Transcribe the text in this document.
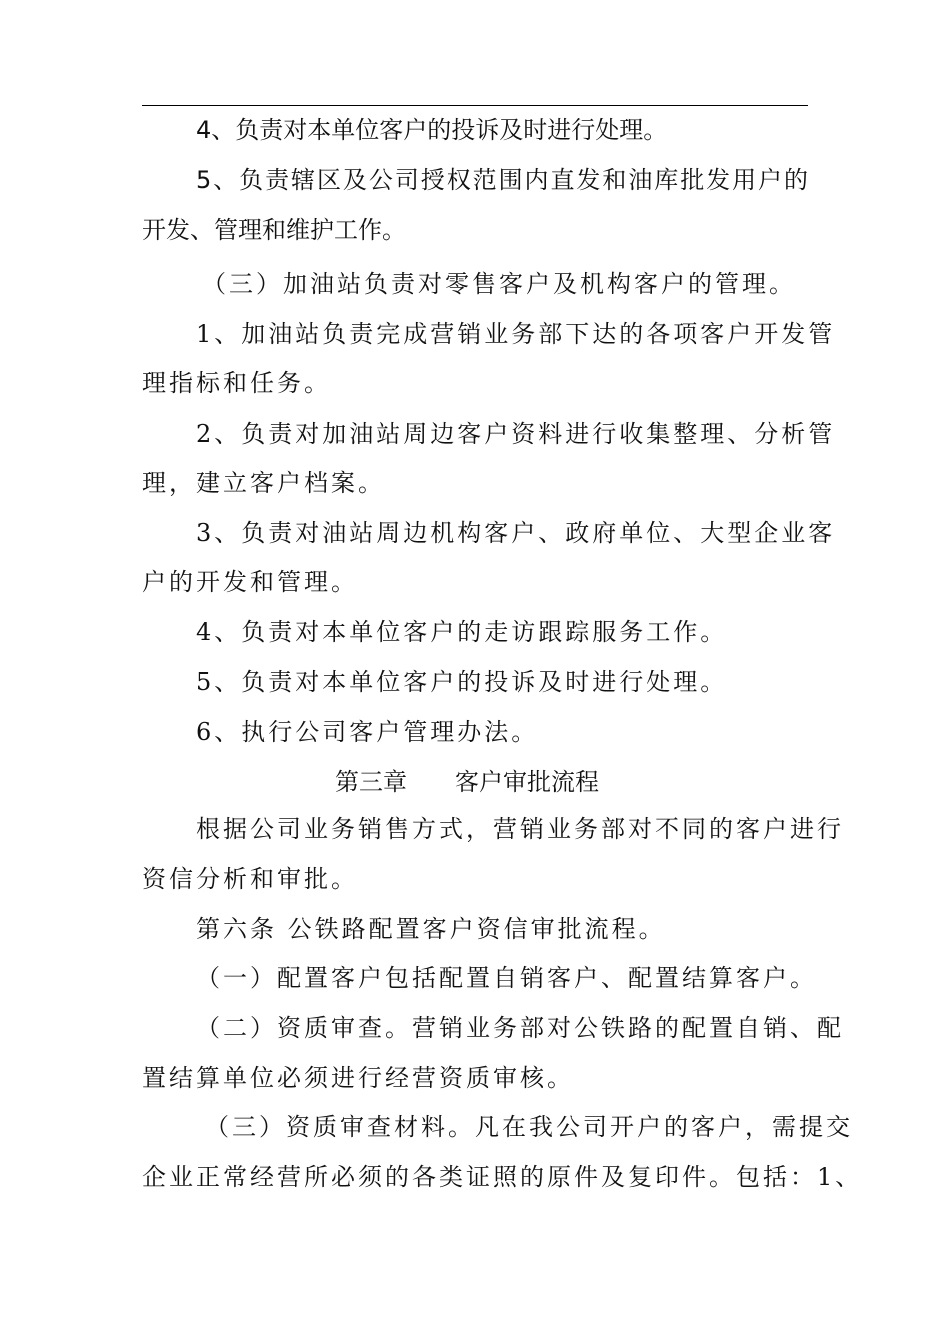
4、负责对本单位客户的投诉及时进行处理。

5、负责辖区及公司授权范围内直发和油库批发用户的

开发、管理和维护工作。

（三）加油站负责对零售客户及机构客户的管理。

1、加油站负责完成营销业务部下达的各项客户开发管

理指标和任务。

2、负责对加油站周边客户资料进行收集整理、分析管

理，建立客户档案。

3、负责对油站周边机构客户、政府单位、大型企业客

户的开发和管理。

4、负责对本单位客户的走访跟踪服务工作。

5、负责对本单位客户的投诉及时进行处理。

6、执行公司客户管理办法。

第三章　　客户审批流程

根据公司业务销售方式，营销业务部对不同的客户进行

资信分析和审批。

第六条 公铁路配置客户资信审批流程。

（一）配置客户包括配置自销客户、配置结算客户。

（二）资质审查。营销业务部对公铁路的配置自销、配

置结算单位必须进行经营资质审核。

（三）资质审查材料。凡在我公司开户的客户，需提交

企业正常经营所必须的各类证照的原件及复印件。包括：1、
